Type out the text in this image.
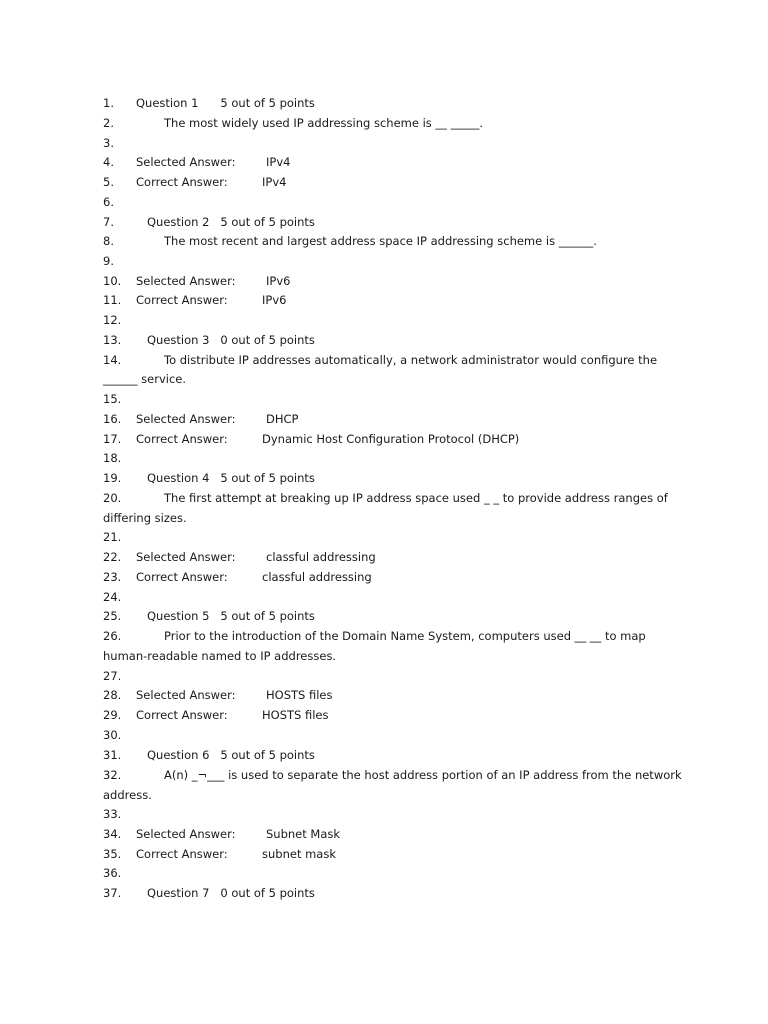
1. Question 1 5 out of 5 points
2.	The most widely used IP addressing scheme is __ _____.
3.
4. Selected Answer:	IPv4
5. Correct Answer:	IPv4
6.
7.	Question 2 5 out of 5 points
8.	The most recent and largest address space IP addressing scheme is ______.
9.
10. Selected Answer:	IPv6
11. Correct Answer:	IPv6
12.
13. Question 3 0 out of 5 points
14.	To distribute IP addresses automatically, a network administrator would configure the
______ service.
15.
16. Selected Answer:	DHCP
17. Correct Answer:	Dynamic Host Configuration Protocol (DHCP)
18.
19. Question 4 5 out of 5 points
20.	The first attempt at breaking up IP address space used _ _ to provide address ranges of
differing sizes.
21.
22. Selected Answer:	classful addressing
23. Correct Answer:	classful addressing
24.
25. Question 5 5 out of 5 points
26.	Prior to the introduction of the Domain Name System, computers used __ __ to map
human-readable named to IP addresses.
27.
28. Selected Answer:	HOSTS files
29. Correct Answer:	HOSTS files
30.
31. Question 6 5 out of 5 points
32.	A(n) _¬___ is used to separate the host address portion of an IP address from the network
address.
33.
34. Selected Answer:	Subnet Mask
35. Correct Answer:	subnet mask
36.
37. Question 7 0 out of 5 points
